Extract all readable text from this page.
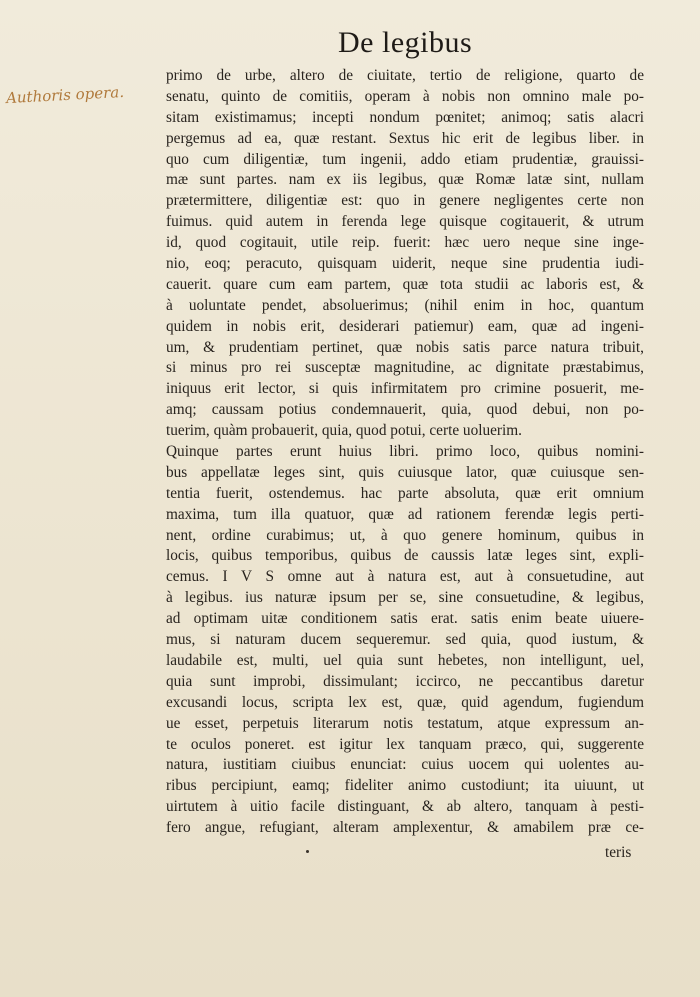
De legibus
Authoris opera.
primo de urbe, altero de ciuitate, tertio de religione, quarto de
senatu, quinto de comitiis, operam à nobis non omnino male po-
sitam existimamus; incepti nondum pœnitet; animoq; satis alacri
pergemus ad ea, quæ restant. Sextus hic erit de legibus liber. in
quo cum diligentiæ, tum ingenii, addo etiam prudentiæ, grauissi-
mæ sunt partes. nam ex iis legibus, quæ Romæ latæ sint, nullam
prætermittere, diligentiæ est: quo in genere negligentes certe non
fuimus. quid autem in ferenda lege quisque cogitauerit, & utrum
id, quod cogitauit, utile reip. fuerit: hæc uero neque sine inge-
nio, eoq; peracuto, quisquam uiderit, neque sine prudentia iudi-
cauerit. quare cum eam partem, quæ tota studii ac laboris est, &
à uoluntate pendet, absoluerimus; (nihil enim in hoc, quantum
quidem in nobis erit, desiderari patiemur) eam, quæ ad ingeni-
um, & prudentiam pertinet, quæ nobis satis parce natura tribuit,
si minus pro rei susceptæ magnitudine, ac dignitate præstabimus,
iniquus erit lector, si quis infirmitatem pro crimine posuerit, me-
amq; caussam potius condemnauerit, quia, quod debui, non po-
tuerim, quàm probauerit, quia, quod potui, certe uoluerim.
Quinque partes erunt huius libri. primo loco, quibus nomini-
bus appellatæ leges sint, quis cuiusque lator, quæ cuiusque sen-
tentia fuerit, ostendemus. hac parte absoluta, quæ erit omnium
maxima, tum illa quatuor, quæ ad rationem ferendæ legis perti-
nent, ordine curabimus; ut, à quo genere hominum, quibus in
locis, quibus temporibus, quibus de caussis latæ leges sint, expli-
cemus. I V S omne aut à natura est, aut à consuetudine, aut
à legibus. ius naturæ ipsum per se, sine consuetudine, & legibus,
ad optimam uitæ conditionem satis erat. satis enim beate uiuere-
mus, si naturam ducem sequeremur. sed quia, quod iustum, &
laudabile est, multi, uel quia sunt hebetes, non intelligunt, uel,
quia sunt improbi, dissimulant; iccirco, ne peccantibus daretur
excusandi locus, scripta lex est, quæ, quid agendum, fugiendum
ue esset, perpetuis literarum notis testatum, atque expressum an-
te oculos poneret. est igitur lex tanquam præco, qui, suggerente
natura, iustitiam ciuibus enunciat: cuius uocem qui uolentes au-
ribus percipiunt, eamq; fideliter animo custodiunt; ita uiuunt, ut
uirtutem à uitio facile distinguant, & ab altero, tanquam à pesti-
fero angue, refugiant, alteram amplexentur, & amabilem præ ce-

teris
